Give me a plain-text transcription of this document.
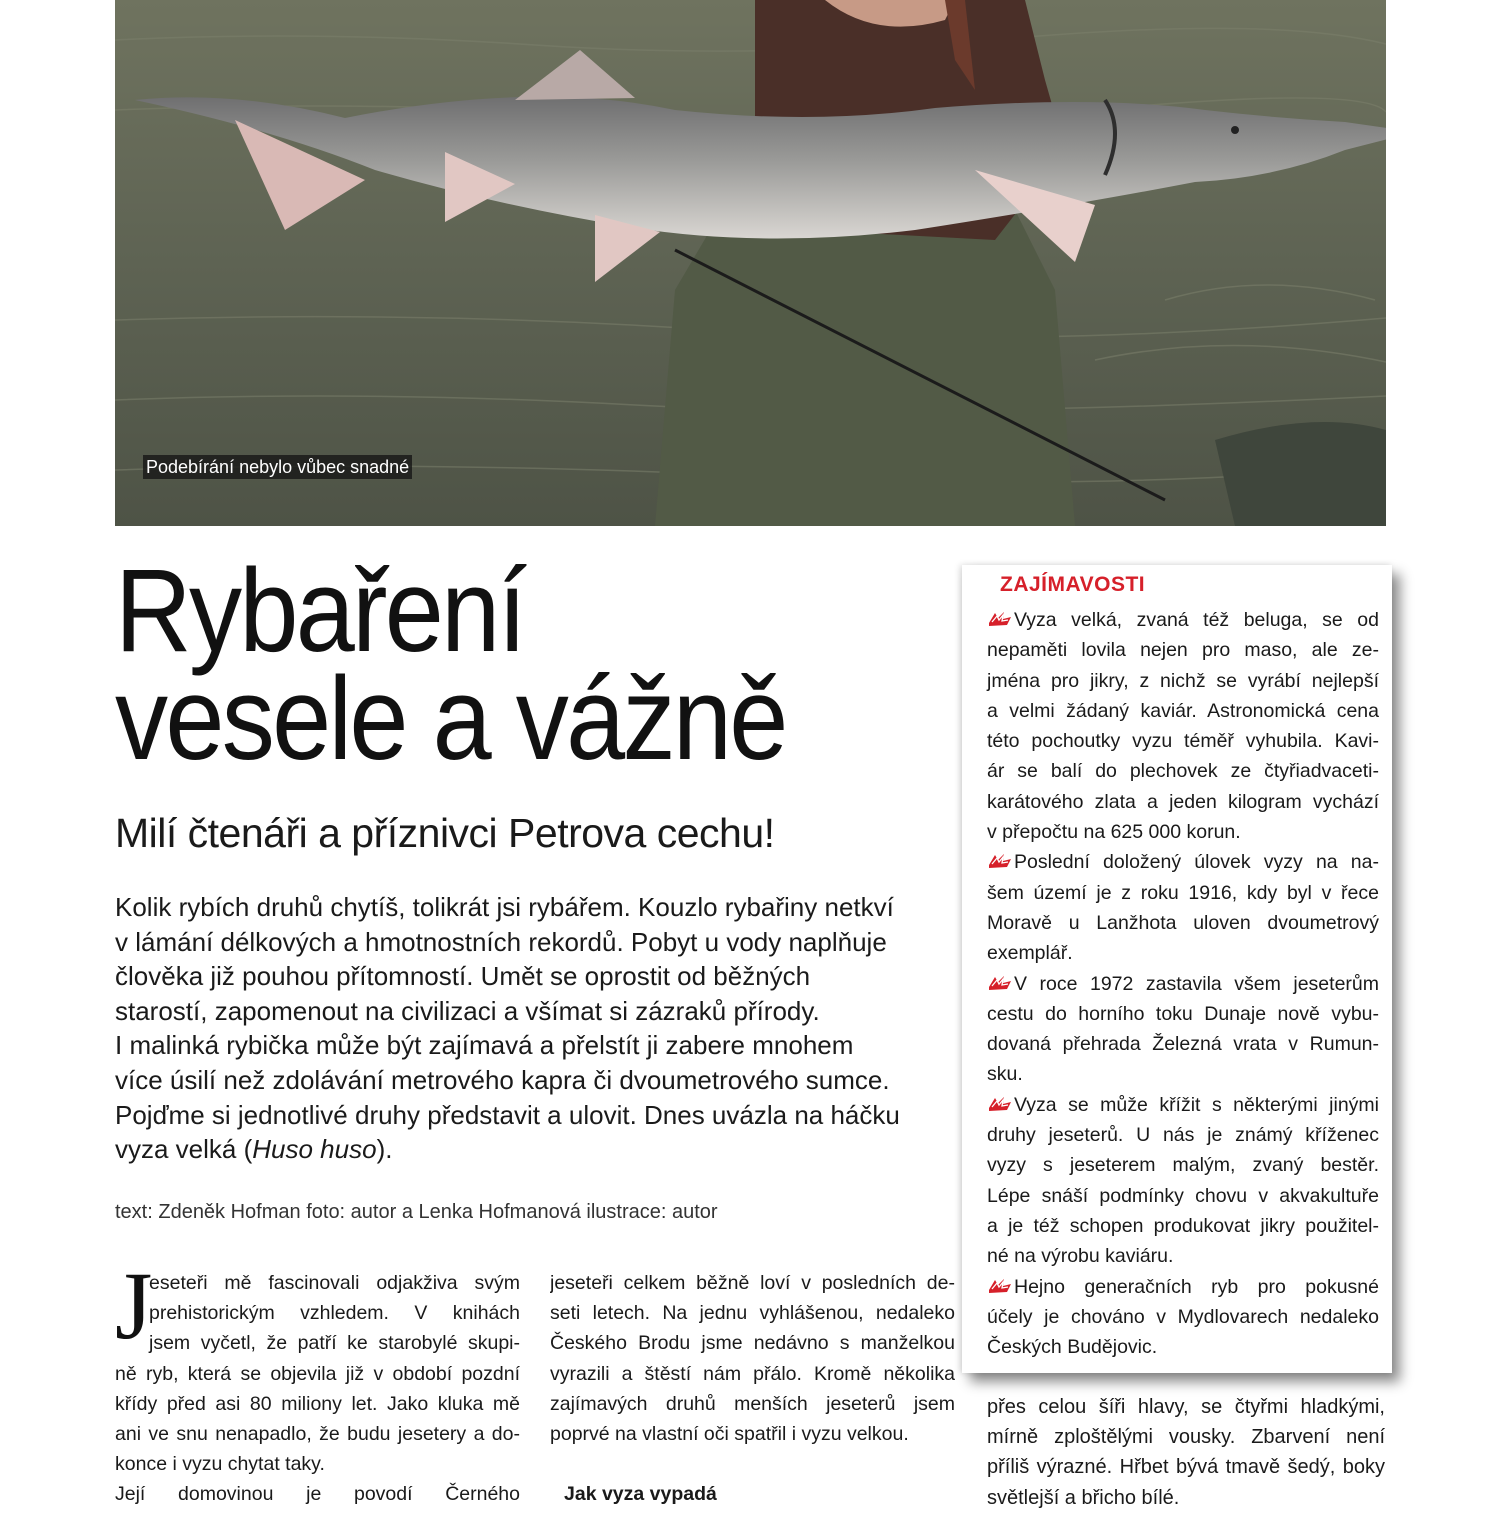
Podebírání nebylo vůbec snadné
Rybaření
vesele a vážně
Milí čtenáři a příznivci Petrova cechu!

Kolik rybích druhů chytíš, tolikrát jsi rybářem. Kouzlo rybařiny netkví
v lámání délkových a hmotnostních rekordů. Pobyt u vody naplňuje
člověka již pouhou přítomností. Umět se oprostit od běžných
starostí, zapomenout na civilizaci a všímat si zázraků přírody.
I malinká rybička může být zajímavá a přelstít ji zabere mnohem
více úsilí než zdolávání metrového kapra či dvoumetrového sumce.
Pojďme si jednotlivé druhy představit a ulovit. Dnes uvázla na háčku
vyza velká (Huso huso).

text: Zdeněk Hofman foto: autor a Lenka Hofmanová ilustrace: autor
J
eseteři mě fascinovali odjakživa svým
prehistorickým vzhledem. V knihách
jsem vyčetl, že patří ke starobylé skupi-
ně ryb, která se objevila již v období pozdní
křídy před asi 80 miliony let. Jako kluka mě
ani ve snu nenapadlo, že budu jesetery a do-
konce i vyzu chytat taky.
Její domovinou je povodí Černého
jeseteři celkem běžně loví v posledních de-
seti letech. Na jednu vyhlášenou, nedaleko
Českého Brodu jsme nedávno s manželkou
vyrazili a štěstí nám přálo. Kromě několika
zajímavých druhů menších jeseterů jsem
poprvé na vlastní oči spatřil i vyzu velkou.

Jak vyza vypadá
přes celou šíři hlavy, se čtyřmi hladkými,
mírně zploštělými vousky. Zbarvení není
příliš výrazné. Hřbet bývá tmavě šedý, boky
světlejší a břicho bílé.
ZAJÍMAVOSTI
Vyza velká, zvaná též beluga, se od
nepaměti lovila nejen pro maso, ale ze-
jména pro jikry, z nichž se vyrábí nejlepší
a velmi žádaný kaviár. Astronomická cena
této pochoutky vyzu téměř vyhubila. Kavi-
ár se balí do plechovek ze čtyřiadvaceti-
karátového zlata a jeden kilogram vychází
v přepočtu na 625 000 korun.
Poslední doložený úlovek vyzy na na-
šem území je z roku 1916, kdy byl v řece
Moravě u Lanžhota uloven dvoumetrový
exemplář.
V roce 1972 zastavila všem jeseterům
cestu do horního toku Dunaje nově vybu-
dovaná přehrada Železná vrata v Rumun-
sku.
Vyza se může křížit s některými jinými
druhy jeseterů. U nás je známý kříženec
vyzy s jeseterem malým, zvaný bestěr.
Lépe snáší podmínky chovu v akvakultuře
a je též schopen produkovat jikry použitel-
né na výrobu kaviáru.
Hejno generačních ryb pro pokusné
účely je chováno v Mydlovarech nedaleko
Českých Budějovic.
